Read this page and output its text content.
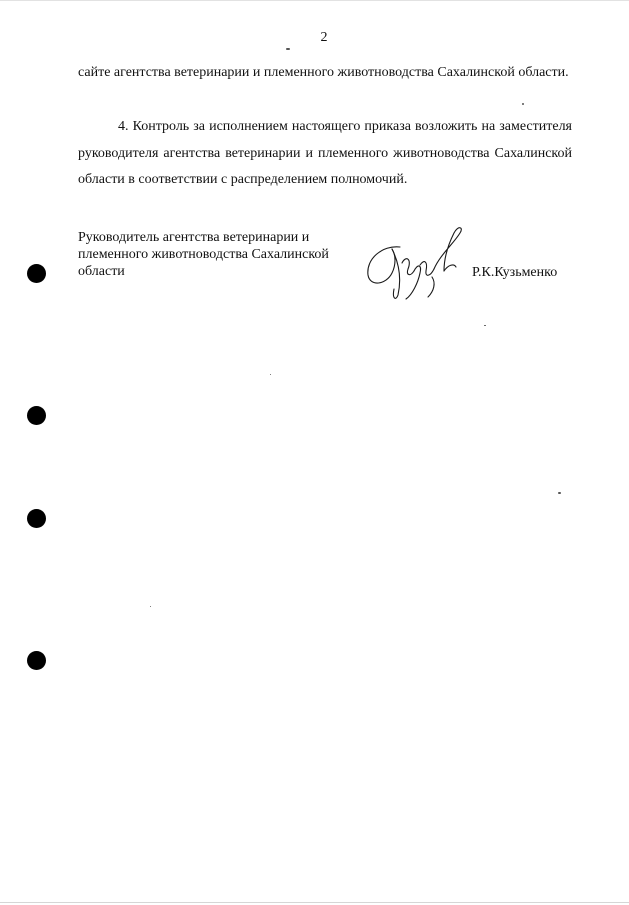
2
сайте агентства ветеринарии и племенного животноводства Сахалинской области.
4. Контроль за исполнением настоящего приказа возложить на заместителя руководителя агентства ветеринарии и племенного животноводства Сахалинской области в соответствии с распределением полномочий.
Руководитель агентства ветеринарии и
племенного животноводства Сахалинской
области	Р.К.Кузьменко
